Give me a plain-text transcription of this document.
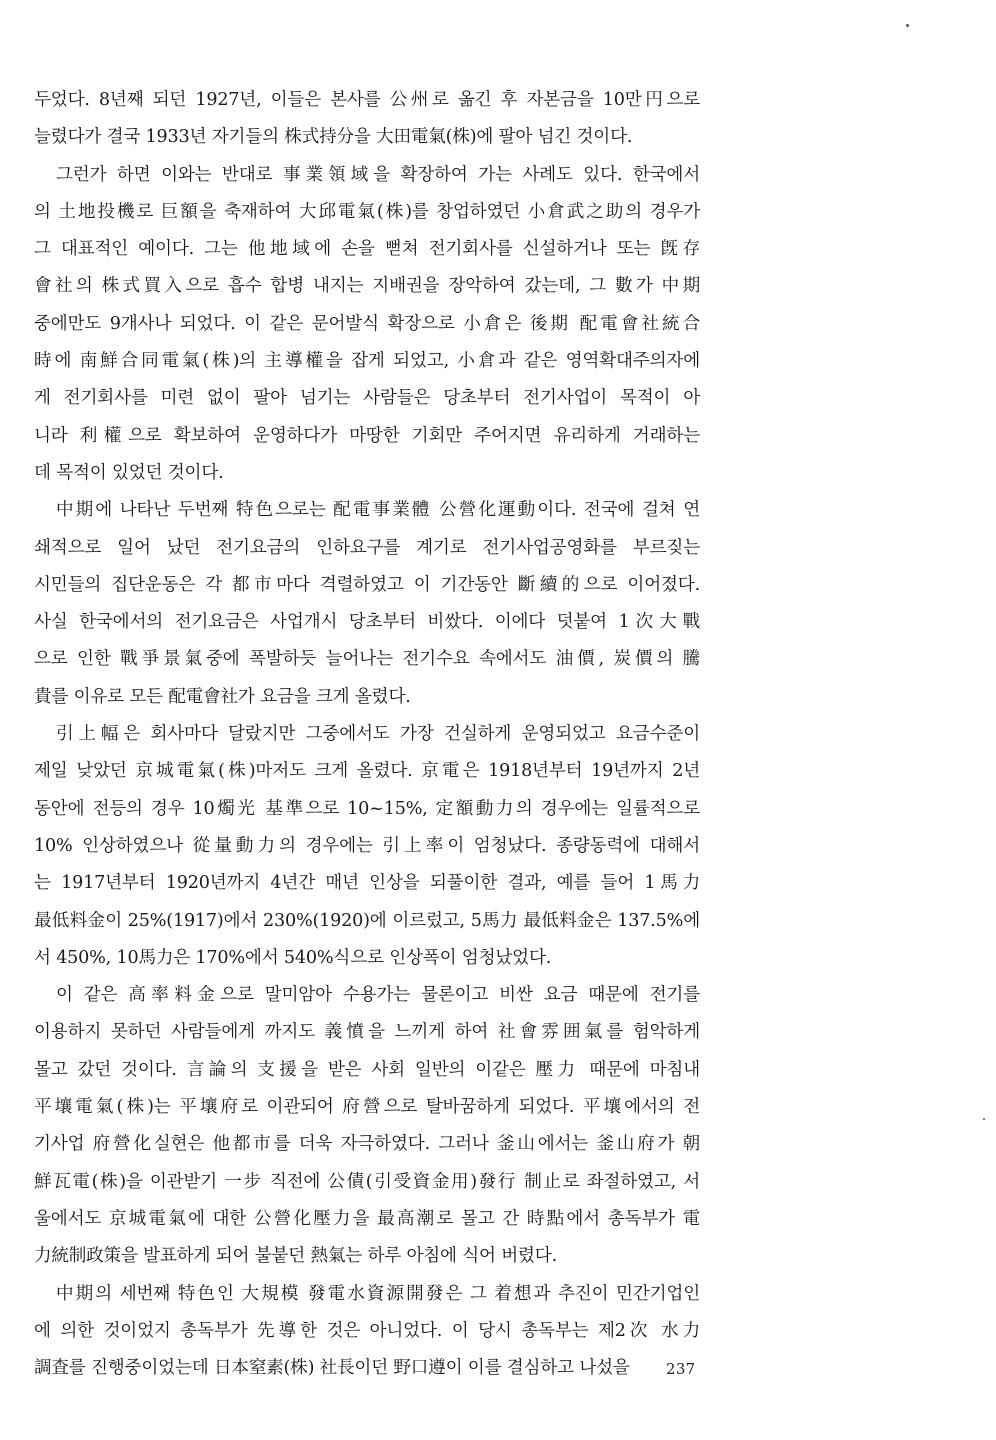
두었다. 8년째 되던 1927년, 이들은 본사를 公州로 옮긴 후 자본금을 10만円으로
늘렸다가 결국 1933년 자기들의 株式持分을 大田電氣(株)에 팔아 넘긴 것이다.
그런가 하면 이와는 반대로 事業領域을 확장하여 가는 사례도 있다. 한국에서
의 土地投機로 巨額을 축재하여 大邱電氣(株)를 창업하였던 小倉武之助의 경우가
그 대표적인 예이다. 그는 他地域에 손을 뻗쳐 전기회사를 신설하거나 또는 旣存
會社의 株式買入으로 흡수 합병 내지는 지배권을 장악하여 갔는데, 그 數가 中期
중에만도 9개사나 되었다. 이 같은 문어발식 확장으로 小倉은 後期 配電會社統合
時에 南鮮合同電氣(株)의 主導權을 잡게 되었고, 小倉과 같은 영역확대주의자에
게 전기회사를 미련 없이 팔아 넘기는 사람들은 당초부터 전기사업이 목적이 아
니라 利權으로 확보하여 운영하다가 마땅한 기회만 주어지면 유리하게 거래하는
데 목적이 있었던 것이다.
中期에 나타난 두번째 特色으로는 配電事業體 公營化運動이다. 전국에 걸쳐 연
쇄적으로 일어 났던 전기요금의 인하요구를 계기로 전기사업공영화를 부르짖는
시민들의 집단운동은 각 都市마다 격렬하였고 이 기간동안 斷續的으로 이어졌다.
사실 한국에서의 전기요금은 사업개시 당초부터 비쌌다. 이에다 덧붙여 1次大戰
으로 인한 戰爭景氣중에 폭발하듯 늘어나는 전기수요 속에서도 油價, 炭價의 騰
貴를 이유로 모든 配電會社가 요금을 크게 올렸다.
引上幅은 회사마다 달랐지만 그중에서도 가장 건실하게 운영되었고 요금수준이
제일 낮았던 京城電氣(株)마저도 크게 올렸다. 京電은 1918년부터 19년까지 2년
동안에 전등의 경우 10燭光 基準으로 10~15%, 定額動力의 경우에는 일률적으로
10% 인상하였으나 從量動力의 경우에는 引上率이 엄청났다. 종량동력에 대해서
는 1917년부터 1920년까지 4년간 매년 인상을 되풀이한 결과, 예를 들어 1馬力
最低料金이 25%(1917)에서 230%(1920)에 이르렀고, 5馬力 最低料金은 137.5%에
서 450%, 10馬力은 170%에서 540%식으로 인상폭이 엄청났었다.
이 같은 高率料金으로 말미암아 수용가는 물론이고 비싼 요금 때문에 전기를
이용하지 못하던 사람들에게 까지도 義憤을 느끼게 하여 社會雰囲氣를 험악하게
몰고 갔던 것이다. 言論의 支援을 받은 사회 일반의 이같은 壓力 때문에 마침내
平壤電氣(株)는 平壤府로 이관되어 府營으로 탈바꿈하게 되었다. 平壤에서의 전
기사업 府營化실현은 他都市를 더욱 자극하였다. 그러나 釜山에서는 釜山府가 朝
鮮瓦電(株)을 이관받기 一步 직전에 公債(引受資金用)發行 制止로 좌절하였고, 서
울에서도 京城電氣에 대한 公營化壓力을 最高潮로 몰고 간 時點에서 총독부가 電
力統制政策을 발표하게 되어 불붙던 熱氣는 하루 아침에 식어 버렸다.
中期의 세번째 特色인 大規模 發電水資源開發은 그 着想과 추진이 민간기업인
에 의한 것이었지 총독부가 先導한 것은 아니었다. 이 당시 총독부는 제2次 水力
調査를 진행중이었는데 日本窒素(株) 社長이던 野口遵이 이를 결심하고 나섰을	237
